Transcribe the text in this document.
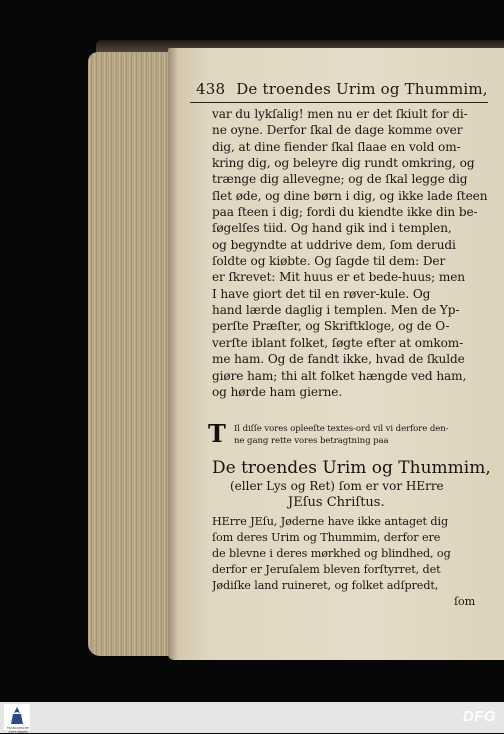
438 De troendes Urim og Thummim,
var du lykſalig! men nu er det ſkiult for di-
ne oyne. Derfor ſkal de dage komme over
dig, at dine fiender ſkal ſlaae en vold om-
kring dig, og beleyre dig rundt omkring, og
trænge dig allevegne; og de ſkal legge dig
ſlet øde, og dine børn i dig, og ikke lade ſteen
paa ſteen i dig; fordi du kiendte ikke din be-
ſøgelſes tiid. Og hand gik ind i templen,
og begyndte at uddrive dem, ſom derudi
ſoldte og kiøbte. Og ſagde til dem: Der
er ſkrevet: Mit huus er et bede-huus; men
I have giort det til en røver-kule. Og
hand lærde daglig i templen. Men de Yp-
perſte Præſter, og Skriftkloge, og de O-
verſte iblant folket, ſøgte efter at omkom-
me ham. Og de fandt ikke, hvad de ſkulde
giøre ham; thi alt folket hængde ved ham,
og hørde ham gierne.
T Il diſſe vores opleeſte textes-ord vil vi derfore den-
ne gang rette vores betragtning paa
De troendes Urim og Thummim,
(eller Lys og Ret) ſom er vor HErre
JEſus Chriſtus.
HErre JEſu, Jøderne have ikke antaget dig
ſom deres Urim og Thummim, derfor ere
de blevne i deres mørkhed og blindhed, og
derfor er Jeruſalem bleven forſtyrret, det
Jødiſke land ruineret, og folket adſpredt,
ſom
FRANCKESCHE STIFTUNGEN
DFG
